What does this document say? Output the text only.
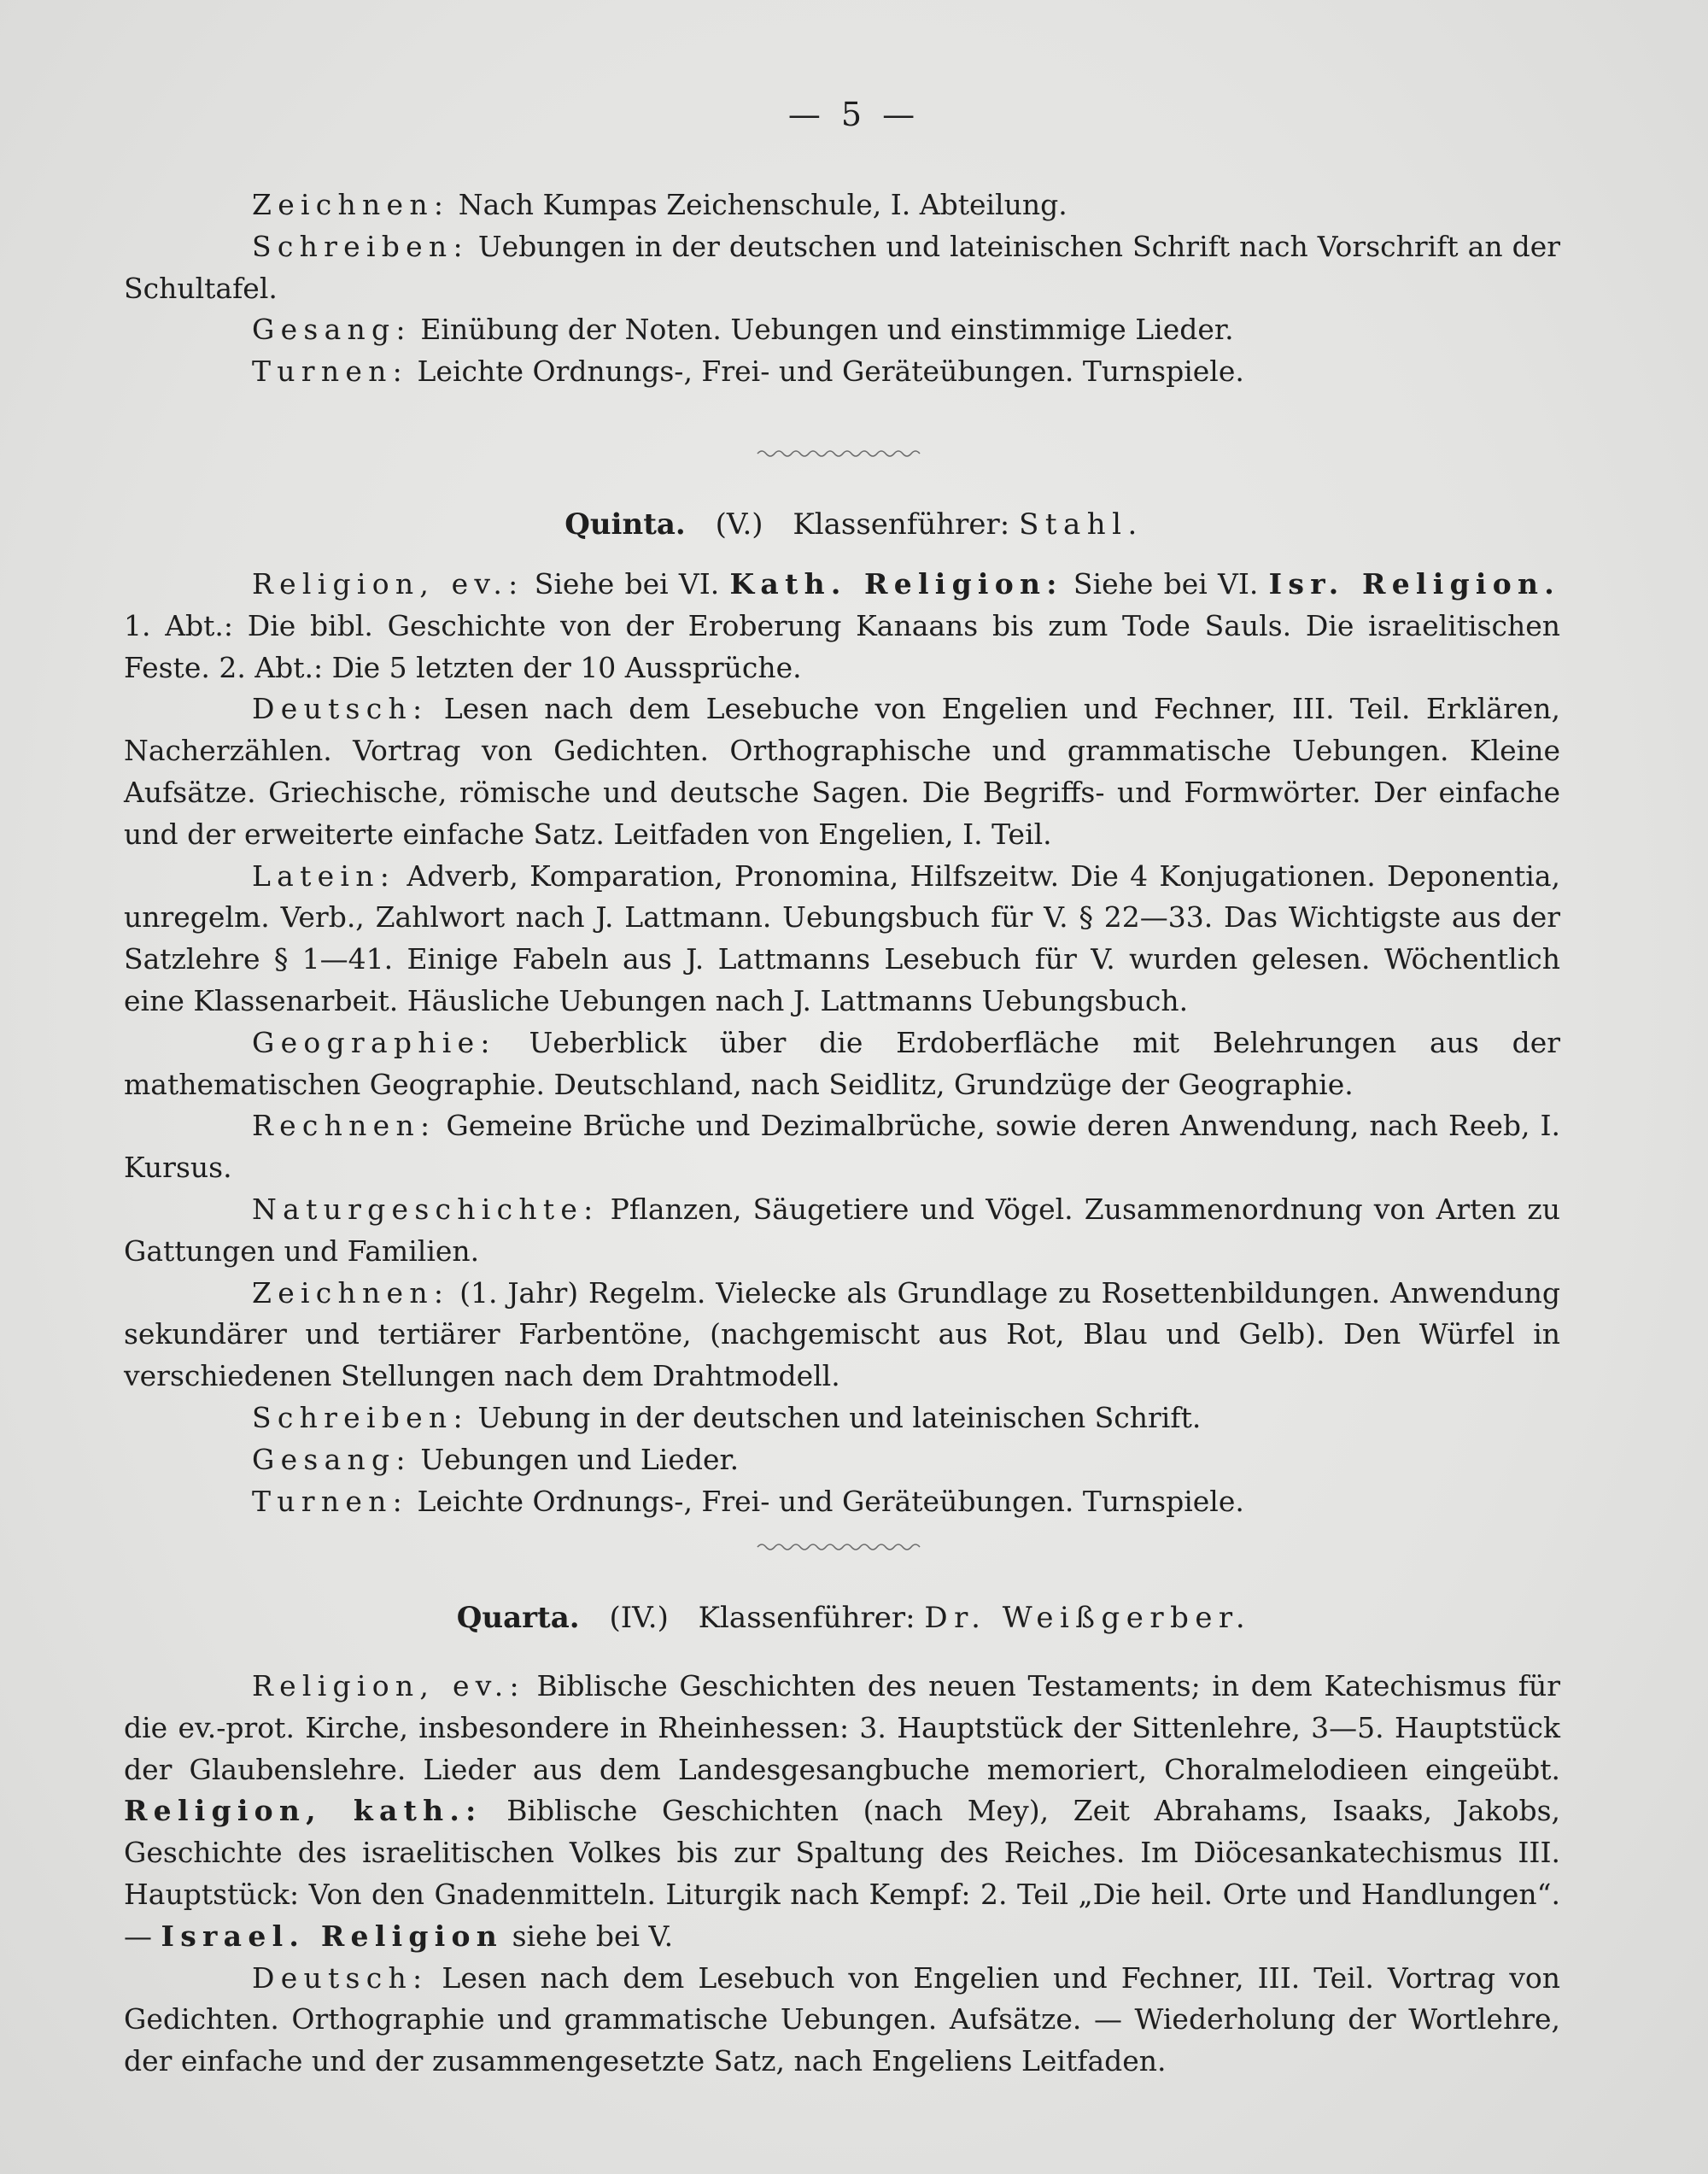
— 5 —

Zeichnen: Nach Kumpas Zeichenschule, I. Abteilung.

Schreiben: Uebungen in der deutschen und lateinischen Schrift nach Vorschrift an der Schultafel.

Gesang: Einübung der Noten. Uebungen und einstimmige Lieder.

Turnen: Leichte Ordnungs-, Frei- und Geräteübungen. Turnspiele.

Quinta. (V.) Klassenführer: Stahl.

Religion, ev.: Siehe bei VI. Kath. Religion: Siehe bei VI. Isr. Religion. 1. Abt.: Die bibl. Geschichte von der Eroberung Kanaans bis zum Tode Sauls. Die israelitischen Feste. 2. Abt.: Die 5 letzten der 10 Aussprüche.

Deutsch: Lesen nach dem Lesebuche von Engelien und Fechner, III. Teil. Erklären, Nacherzählen. Vortrag von Gedichten. Orthographische und grammatische Uebungen. Kleine Aufsätze. Griechische, römische und deutsche Sagen. Die Begriffs- und Formwörter. Der einfache und der erweiterte einfache Satz. Leitfaden von Engelien, I. Teil.

Latein: Adverb, Komparation, Pronomina, Hilfszeitw. Die 4 Konjugationen. Deponentia, unregelm. Verb., Zahlwort nach J. Lattmann. Uebungsbuch für V. § 22—33. Das Wichtigste aus der Satzlehre § 1—41. Einige Fabeln aus J. Lattmanns Lesebuch für V. wurden gelesen. Wöchentlich eine Klassenarbeit. Häusliche Uebungen nach J. Lattmanns Uebungsbuch.

Geographie: Ueberblick über die Erdoberfläche mit Belehrungen aus der mathematischen Geographie. Deutschland, nach Seidlitz, Grundzüge der Geographie.

Rechnen: Gemeine Brüche und Dezimalbrüche, sowie deren Anwendung, nach Reeb, I. Kursus.

Naturgeschichte: Pflanzen, Säugetiere und Vögel. Zusammenordnung von Arten zu Gattungen und Familien.

Zeichnen: (1. Jahr) Regelm. Vielecke als Grundlage zu Rosettenbildungen. Anwendung sekundärer und tertiärer Farbentöne, (nachgemischt aus Rot, Blau und Gelb). Den Würfel in verschiedenen Stellungen nach dem Drahtmodell.

Schreiben: Uebung in der deutschen und lateinischen Schrift.

Gesang: Uebungen und Lieder.

Turnen: Leichte Ordnungs-, Frei- und Geräteübungen. Turnspiele.

Quarta. (IV.) Klassenführer: Dr. Weißgerber.

Religion, ev.: Biblische Geschichten des neuen Testaments; in dem Katechismus für die ev.-prot. Kirche, insbesondere in Rheinhessen: 3. Hauptstück der Sittenlehre, 3—5. Hauptstück der Glaubenslehre. Lieder aus dem Landesgesangbuche memoriert, Choralmelodieen eingeübt. Religion, kath.: Biblische Geschichten (nach Mey), Zeit Abrahams, Isaaks, Jakobs, Geschichte des israelitischen Volkes bis zur Spaltung des Reiches. Im Diöcesankatechismus III. Hauptstück: Von den Gnadenmitteln. Liturgik nach Kempf: 2. Teil „Die heil. Orte und Handlungen“. — Israel. Religion siehe bei V.

Deutsch: Lesen nach dem Lesebuch von Engelien und Fechner, III. Teil. Vortrag von Gedichten. Orthographie und grammatische Uebungen. Aufsätze. — Wiederholung der Wortlehre, der einfache und der zusammengesetzte Satz, nach Engeliens Leitfaden.
